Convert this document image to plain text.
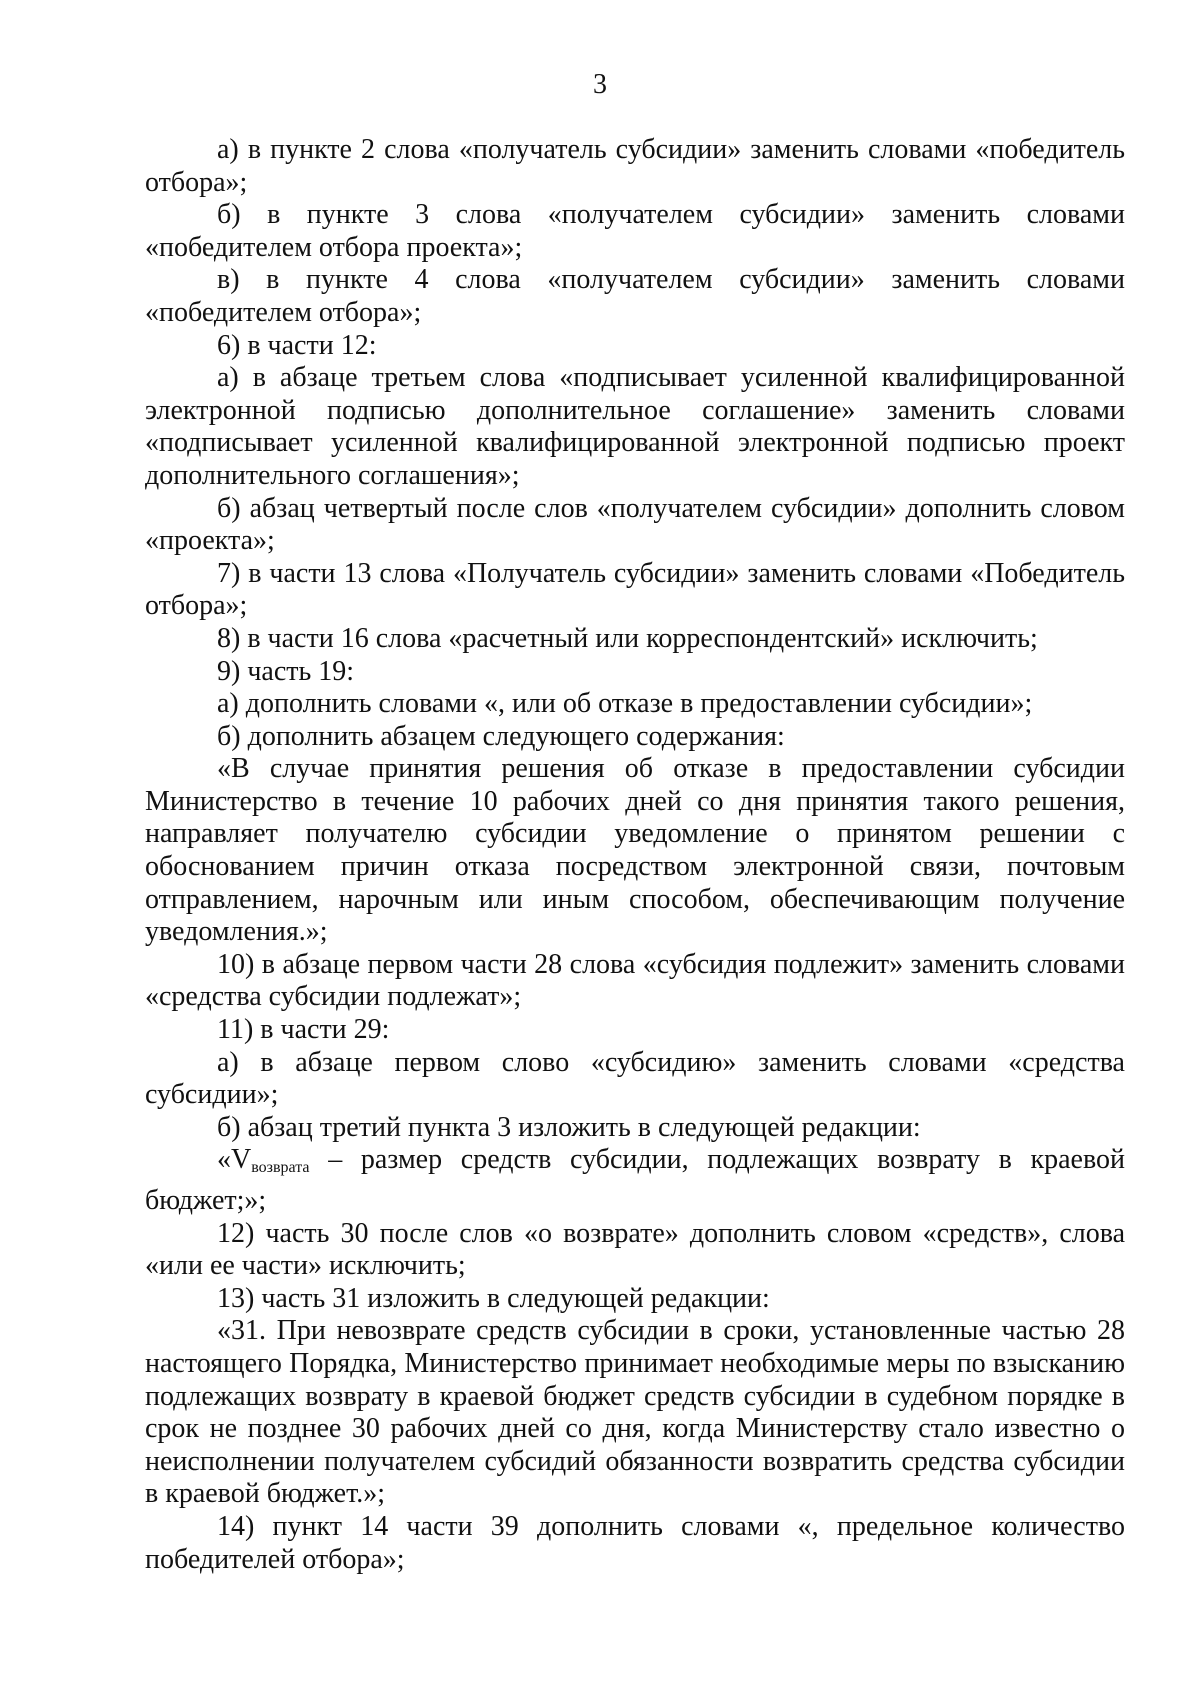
3

а) в пункте 2 слова «получатель субсидии» заменить словами «победитель отбора»;

б) в пункте 3 слова «получателем субсидии» заменить словами «победителем отбора проекта»;

в) в пункте 4 слова «получателем субсидии» заменить словами «победителем отбора»;

6) в части 12:

а) в абзаце третьем слова «подписывает усиленной квалифицированной электронной подписью дополнительное соглашение» заменить словами «подписывает усиленной квалифицированной электронной подписью проект дополнительного соглашения»;

б) абзац четвертый после слов «получателем субсидии» дополнить словом «проекта»;

7) в части 13 слова «Получатель субсидии» заменить словами «Победитель отбора»;

8) в части 16 слова «расчетный или корреспондентский» исключить;

9) часть 19:

а) дополнить словами «, или об отказе в предоставлении субсидии»;

б) дополнить абзацем следующего содержания:

«В случае принятия решения об отказе в предоставлении субсидии Министерство в течение 10 рабочих дней со дня принятия такого решения, направляет получателю субсидии уведомление о принятом решении с обоснованием причин отказа посредством электронной связи, почтовым отправлением, нарочным или иным способом, обеспечивающим получение уведомления.»;

10) в абзаце первом части 28 слова «субсидия подлежит» заменить словами «средства субсидии подлежат»;

11) в части 29:

а) в абзаце первом слово «субсидию» заменить словами «средства субсидии»;

б) абзац третий пункта 3 изложить в следующей редакции:

«$V_{возврата}$ – размер средств субсидии, подлежащих возврату в краевой бюджет;»;

12) часть 30 после слов «о возврате» дополнить словом «средств», слова «или ее части» исключить;

13) часть 31 изложить в следующей редакции:

«31. При невозврате средств субсидии в сроки, установленные частью 28 настоящего Порядка, Министерство принимает необходимые меры по взысканию подлежащих возврату в краевой бюджет средств субсидии в судебном порядке в срок не позднее 30 рабочих дней со дня, когда Министерству стало известно о неисполнении получателем субсидий обязанности возвратить средства субсидии в краевой бюджет.»;

14) пункт 14 части 39 дополнить словами «, предельное количество победителей отбора»;
